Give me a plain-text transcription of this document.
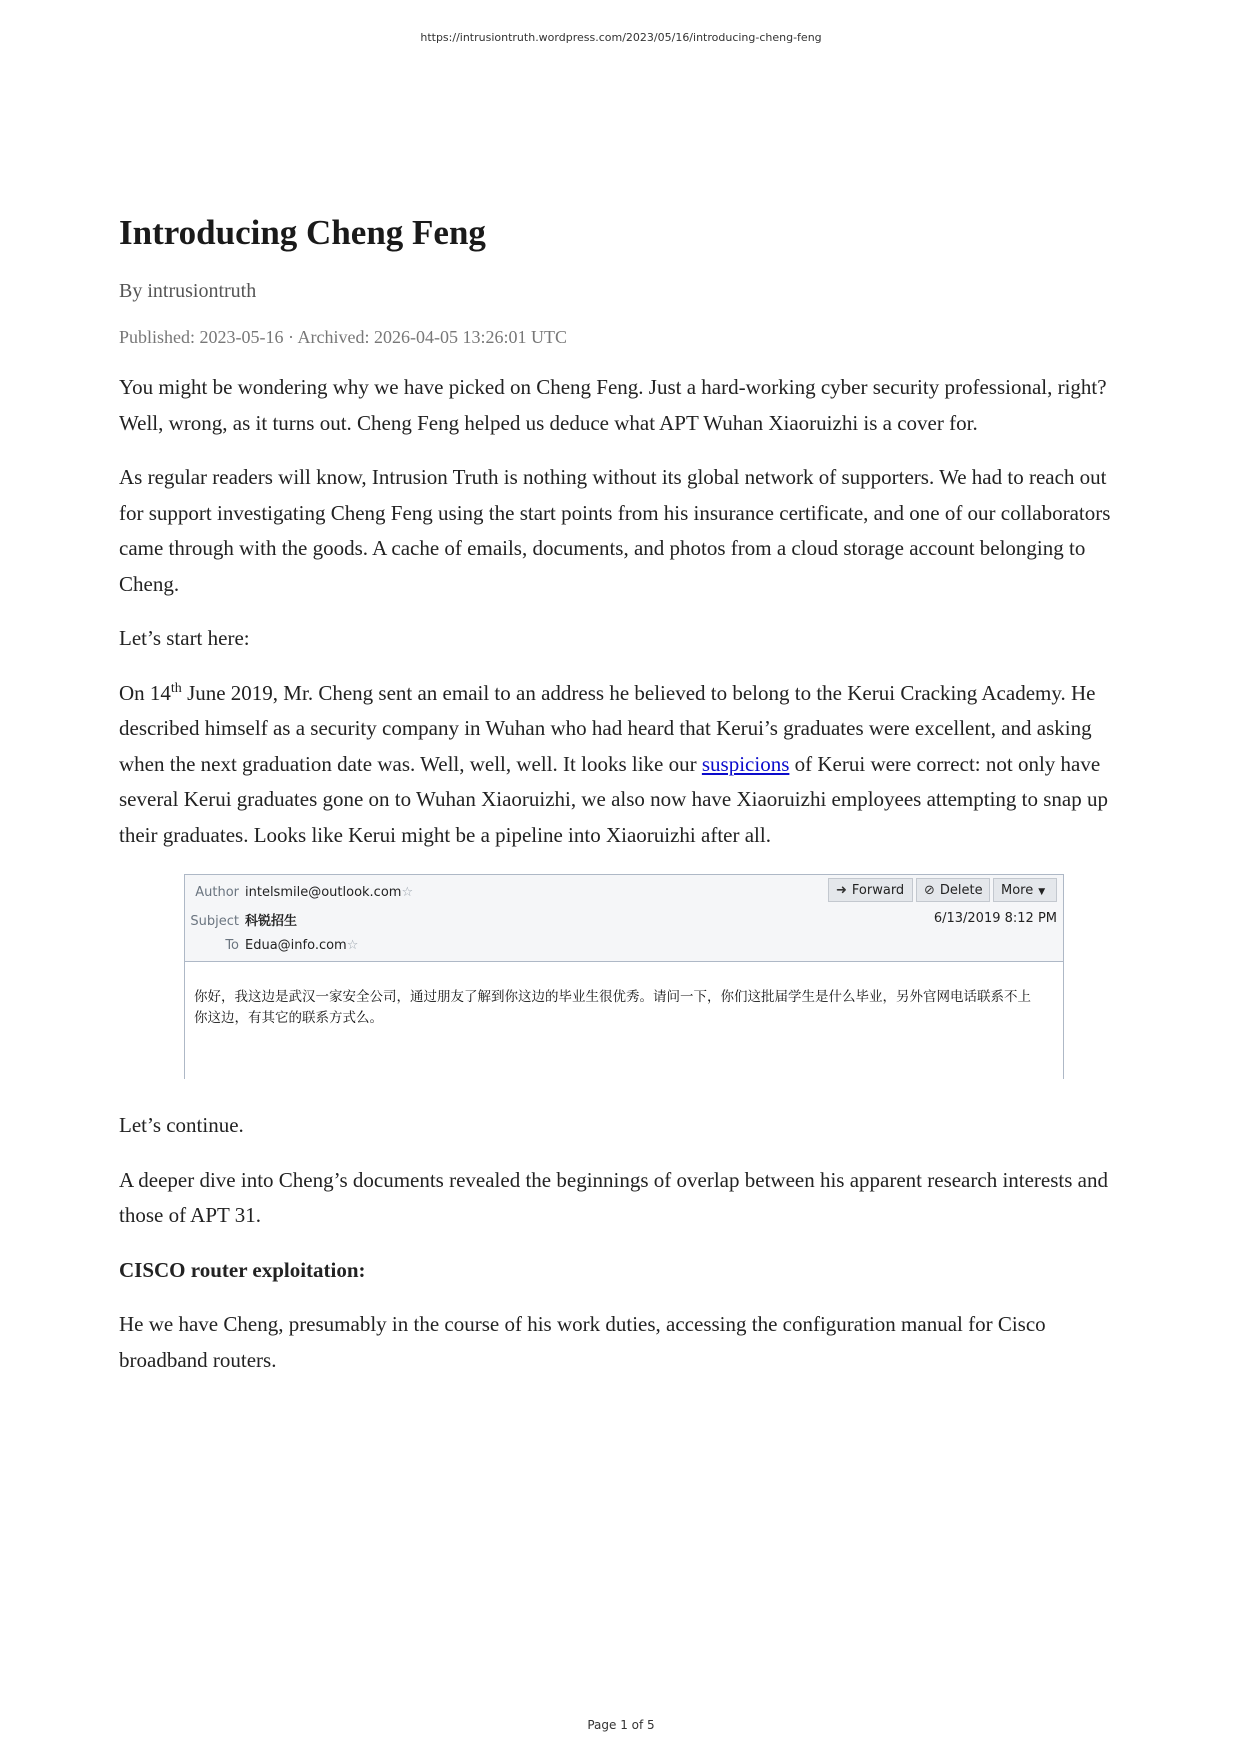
https://intrusiontruth.wordpress.com/2023/05/16/introducing-cheng-feng
Introducing Cheng Feng
By intrusiontruth
Published: 2023-05-16 · Archived: 2026-04-05 13:26:01 UTC

You might be wondering why we have picked on Cheng Feng. Just a hard-working cyber security professional, right? Well, wrong, as it turns out. Cheng Feng helped us deduce what APT Wuhan Xiaoruizhi is a cover for.

As regular readers will know, Intrusion Truth is nothing without its global network of supporters. We had to reach out for support investigating Cheng Feng using the start points from his insurance certificate, and one of our collaborators came through with the goods. A cache of emails, documents, and photos from a cloud storage account belonging to Cheng.

Let’s start here:

On 14th June 2019, Mr. Cheng sent an email to an address he believed to belong to the Kerui Cracking Academy. He described himself as a security company in Wuhan who had heard that Kerui’s graduates were excellent, and asking when the next graduation date was. Well, well, well. It looks like our suspicions of Kerui were correct: not only have several Kerui graduates gone on to Wuhan Xiaoruizhi, we also now have Xiaoruizhi employees attempting to snap up their graduates. Looks like Kerui might be a pipeline into Xiaoruizhi after all.

Author intelsmile@outlook.com☆
Subject 科锐招生
To Edua@info.com☆
➜ Forward	⊘ Delete	More ▼
6/13/2019 8:12 PM
你好，我这边是武汉一家安全公司，通过朋友了解到你这边的毕业生很优秀。请问一下，你们这批届学生是什么毕业，另外官网电话联系不上你这边，有其它的联系方式么。

Let’s continue.

A deeper dive into Cheng’s documents revealed the beginnings of overlap between his apparent research interests and those of APT 31.

CISCO router exploitation:

He we have Cheng, presumably in the course of his work duties, accessing the configuration manual for Cisco broadband routers.

Page 1 of 5
